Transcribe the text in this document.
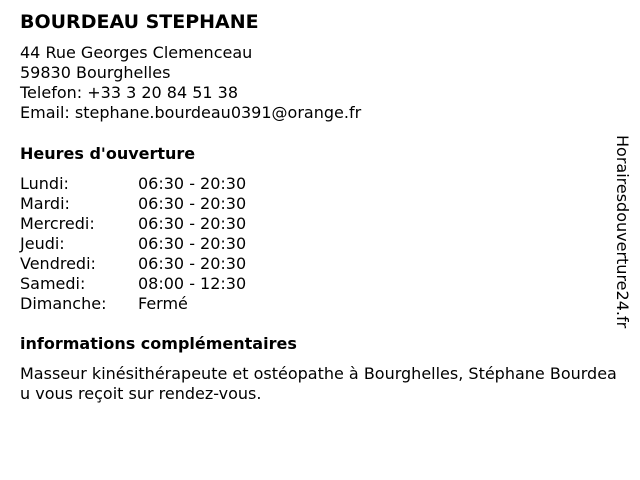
BOURDEAU STEPHANE
44 Rue Georges Clemenceau
59830 Bourghelles
Telefon: +33 3 20 84 51 38
Email: stephane.bourdeau0391@orange.fr
Heures d'ouverture
Lundi:	06:30 - 20:30
Mardi:	06:30 - 20:30
Mercredi:	06:30 - 20:30
Jeudi:	06:30 - 20:30
Vendredi:	06:30 - 20:30
Samedi:	08:00 - 12:30
Dimanche:	Fermé
informations complémentaires
Masseur kinésithérapeute et ostéopathe à Bourghelles, Stéphane Bourdeau vous reçoit sur rendez-vous.
Horairesdouverture24.fr
